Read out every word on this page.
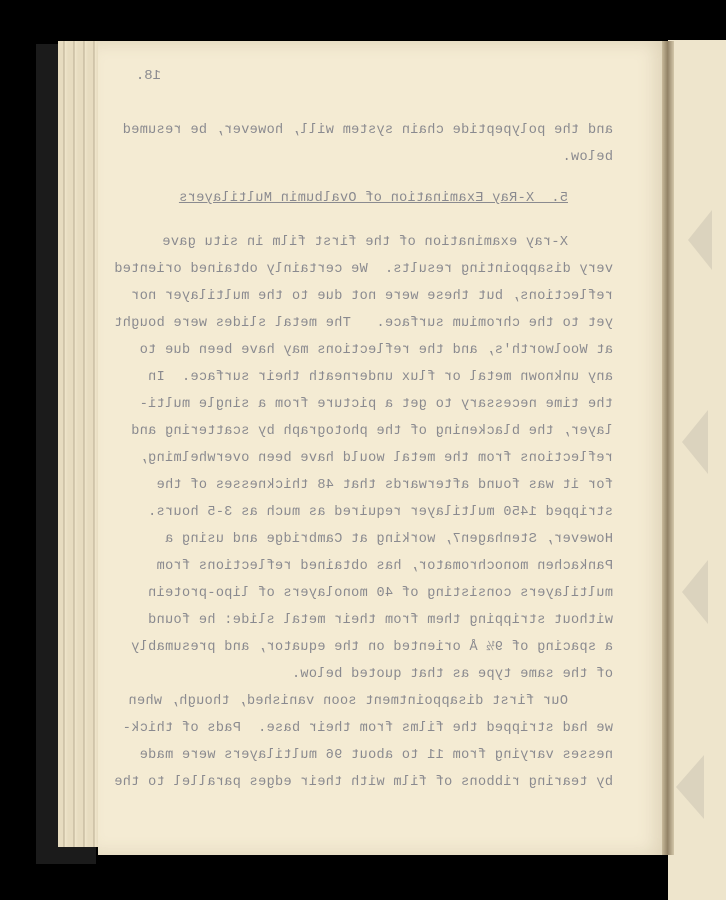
18.
and the polypeptide chain system will, however, be resumed
below.
5.  X-Ray Examination of Ovalbumin Multilayers
X-ray examination of the first film in situ gave
very disappointing results.  We certainly obtained oriented
reflections, but these were not due to the multilayer nor
yet to the chromium surface.   The metal slides were bought
at Woolworth's, and the reflections may have been due to
any unknown metal or flux underneath their surface.  In
the time necessary to get a picture from a single multi-
layer, the blackening of the photograph by scattering and
reflections from the metal would have been overwhelming,
for it was found afterwards that 48 thicknesses of the
stripped 1450 multilayer required as much as 3-5 hours.
However, Stenhagen7, working at Cambridge and using a
Pankachen monochromator, has obtained reflections from
multilayers consisting of 40 monolayers of lipo-protein
without stripping them from their metal slide: he found
a spacing of 9½ Å oriented on the equator, and presumably
of the same type as that quoted below.
Our first disappointment soon vanished, though, when
we had stripped the films from their base.  Pads of thick-
nesses varying from 11 to about 96 multilayers were made
by tearing ribbons of film with their edges parallel to the
